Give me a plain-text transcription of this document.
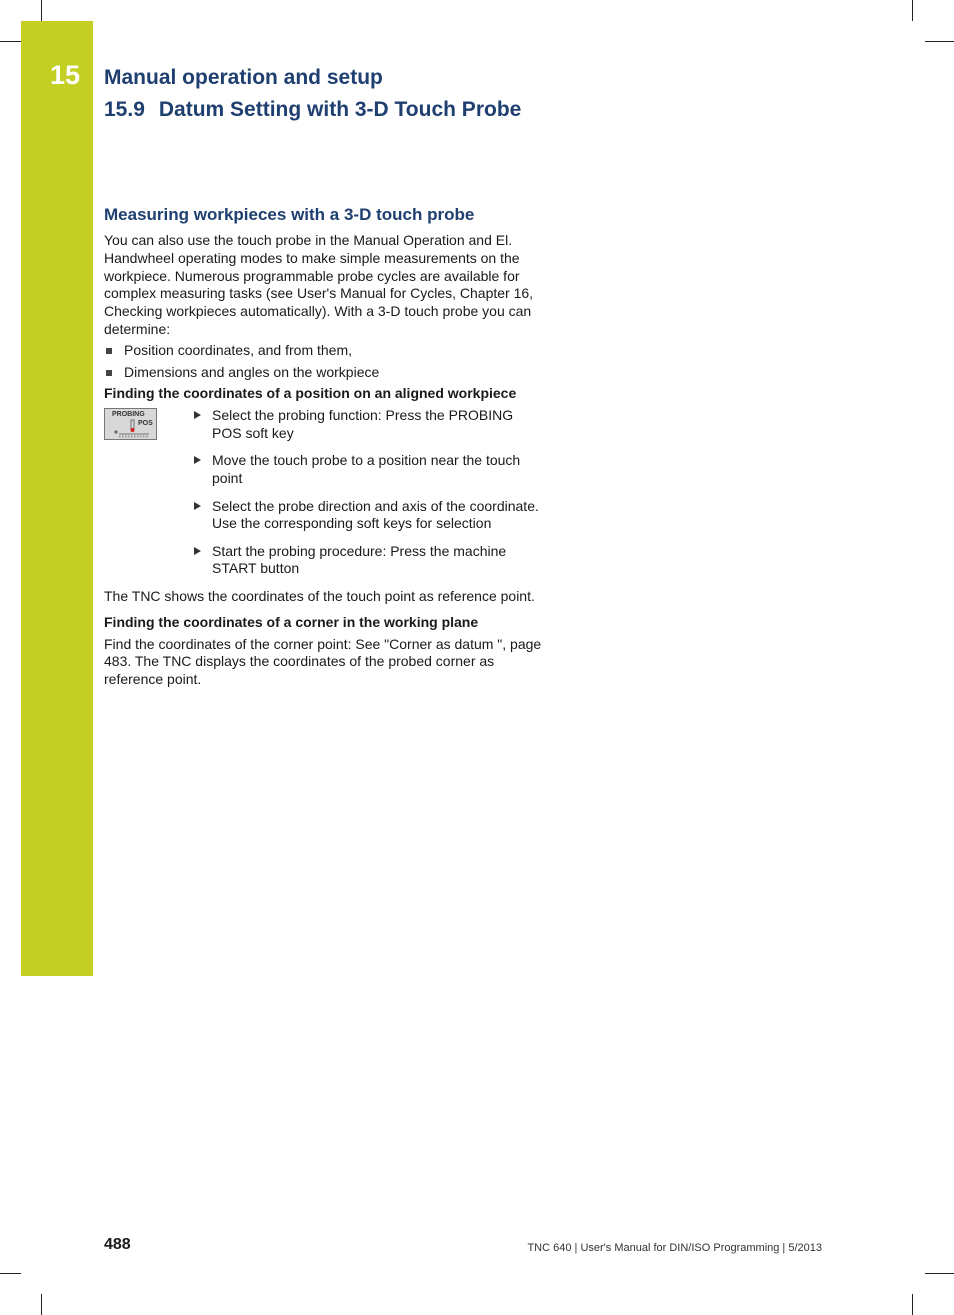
15	Manual operation and setup
15.9 Datum Setting with 3-D Touch Probe
Measuring workpieces with a 3-D touch probe

You can also use the touch probe in the Manual Operation and El. Handwheel operating modes to make simple measurements on the workpiece. Numerous programmable probe cycles are available for complex measuring tasks (see User's Manual for Cycles, Chapter 16, Checking workpieces automatically). With a 3-D touch probe you can determine:

Position coordinates, and from them,
Dimensions and angles on the workpiece
Finding the coordinates of a position on an aligned workpiece
PROBING
POS
Select the probing function: Press the PROBING POS soft key
Move the touch probe to a position near the touch point
Select the probe direction and axis of the coordinate. Use the corresponding soft keys for selection
Start the probing procedure: Press the machine START button

The TNC shows the coordinates of the touch point as reference point.

Finding the coordinates of a corner in the working plane

Find the coordinates of the corner point: See "Corner as datum ", page 483. The TNC displays the coordinates of the probed corner as reference point.

488	TNC 640 | User's Manual for DIN/ISO Programming | 5/2013
